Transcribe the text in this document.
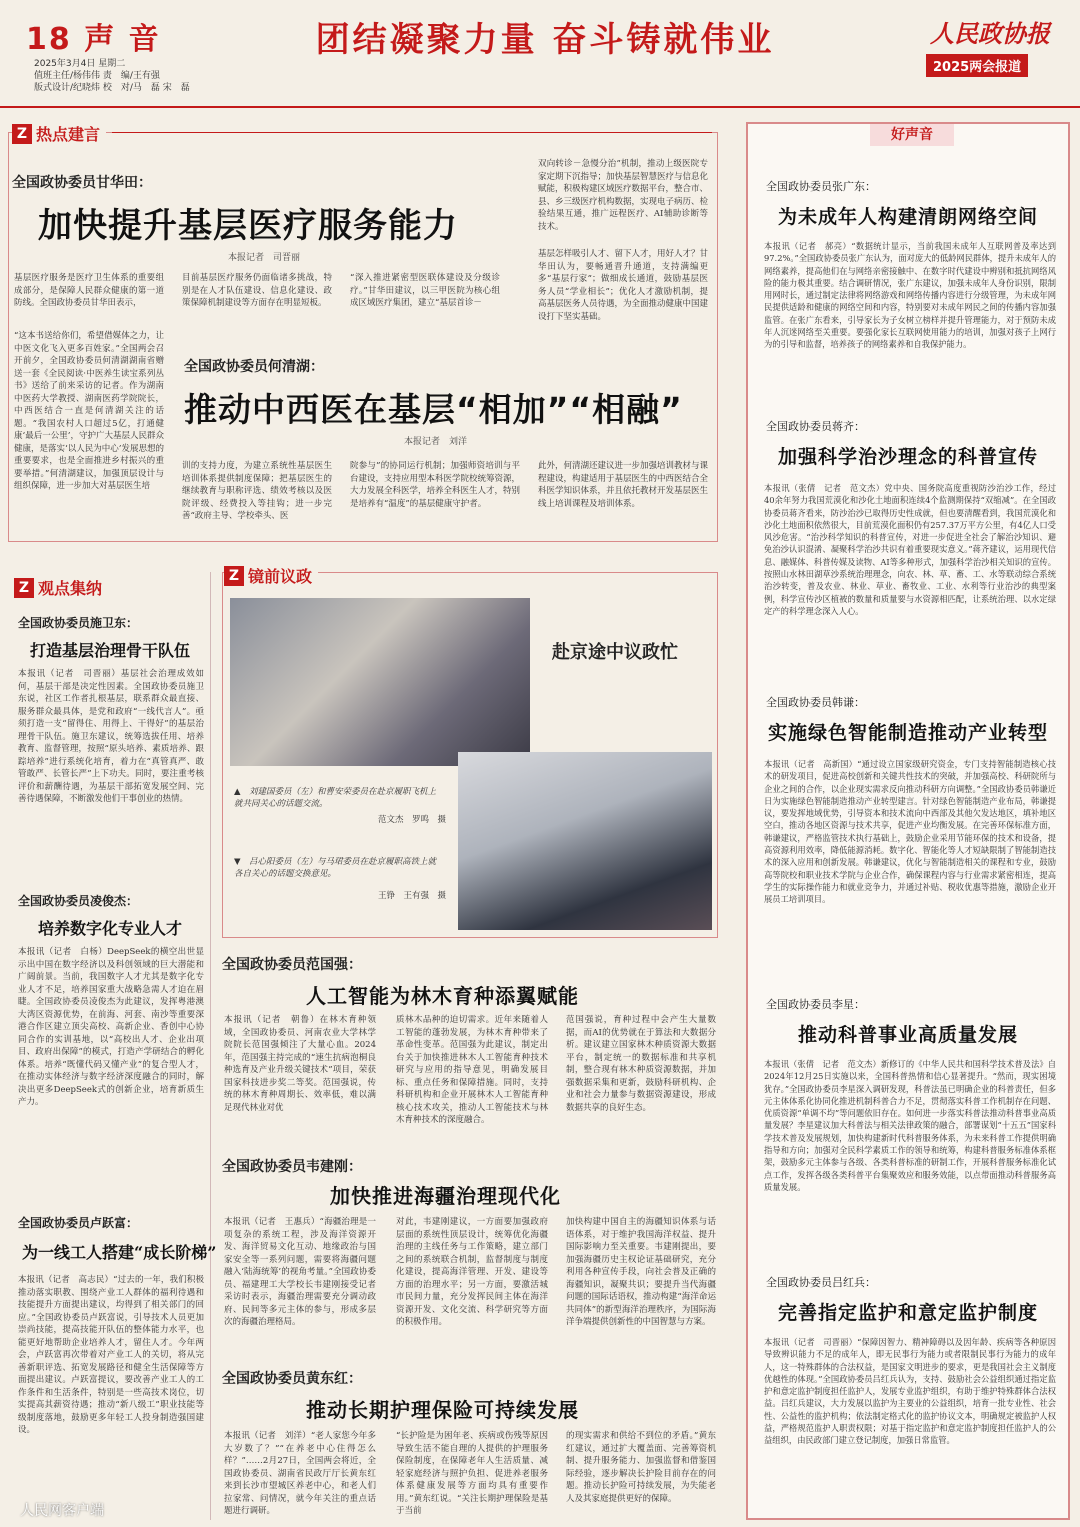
18 声 音
2025年3月4日 星期二
值班主任/杨伟伟 责　编/王有强
版式设计/纪晓炜 校　对/马　磊 宋　磊
团结凝聚力量 奋斗铸就伟业	人民政协报
2025两会报道
Z 热点建言
全国政协委员甘华田：
加快提升基层医疗服务能力
本报记者　司晋丽
基层医疗服务是医疗卫生体系的重要组成部分，是保障人民群众健康的第一道防线。全国政协委员甘华田表示，
目前基层医疗服务仍面临诸多挑战，特别是在人才队伍建设、信息化建设、政策保障机制建设等方面存在明显短板。
“深入推进紧密型医联体建设及分级诊疗。”甘华田建议，以三甲医院为核心组成区域医疗集团，建立“基层首诊－
双向转诊－急慢分治”机制，推动上级医院专家定期下沉指导；加快基层智慧医疗与信息化赋能，积极构建区域医疗数据平台，整合市、县、乡三级医疗机构数据，实现电子病历、检验结果互通，推广远程医疗、AI辅助诊断等技术。
基层怎样吸引人才、留下人才，用好人才？甘华田认为，要畅通晋升通道，支持满编更多“基层行家”；做细成长通道，鼓励基层医务人员“学业相长”；优化人才激励机制，提高基层医务人员待遇，为全面推动健康中国建设打下坚实基础。
“这本书送给你们，希望借媒体之力，让中医文化飞入更多百姓家。”全国两会召开前夕，全国政协委员何清湖湖南省赠送一套《全民阅读·中医养生读宝系列丛书》送给了前来采访的记者。作为湖南中医药大学教授、湖南医药学院院长，中西医结合一直是何清湖关注的话题。“我国农村人口超过5亿，打通健康‘最后一公里’，守护广大基层人民群众健康，是落实‘以人民为中心’发展思想的重要要求，也是全面推进乡村振兴的重要举措。”何清湖建议，加强顶层设计与组织保障，进一步加大对基层医生培
全国政协委员何清湖：
推动中西医在基层“相加”“相融”
本报记者　刘洋
训的支持力度，为建立系统性基层医生培训体系提供制度保障；把基层医生的继续教育与职称评选、绩效考核以及医院评级、经费投入等挂钩；进一步完善“政府主导、学校牵头、医
院参与”的协同运行机制；加强师资培训与平台建设，支持应用型本科医学院校统筹资源，大力发展全科医学，培养全科医生人才，特别是培养有“温度”的基层健康守护者。
此外，何清湖还建议进一步加强培训教材与课程建设，构建适用于基层医生的中西医结合全科医学知识体系，并且依托教材开发基层医生线上培训课程及培训体系。
Z 观点集纳
全国政协委员施卫东：
打造基层治理骨干队伍
本报讯（记者　司晋丽）基层社会治理成效如何，基层干部是决定性因素。全国政协委员施卫东说，社区工作者扎根基层，联系群众最直接、服务群众最具体，是党和政府“一线代言人”。亟须打造一支“留得住、用得上、干得好”的基层治理骨干队伍。施卫东建议，统筹选拔任用、培养教育、监督管理，按照“原头培养、素质培养、跟踪培养”进行系统化培育，着力在“真管真严、敢管敢严、长管长严”上下功夫。同时，要注重考核评价和薪酬待遇，为基层干部拓宽发展空间、完善待遇保障，不断激发他们干事创业的热情。
全国政协委员凌俊杰：
培养数字化专业人才
本报讯（记者　白杨）DeepSeek的横空出世显示出中国在数字经济以及科创领域的巨大潜能和广阔前景。当前，我国数字人才尤其是数字化专业人才不足，培养国家重大战略急需人才迫在眉睫。全国政协委员凌俊杰为此建议，发挥粤港澳大湾区资源优势，在前海、河套、南沙等重要深港合作区建立顶尖高校、高新企业、香创中心协同合作的实训基地，以“高校出人才、企业出项目、政府出保障”的模式，打造产学研结合的孵化体系。培养“既懂代码又懂产业”的复合型人才，在推动实体经济与数字经济深度融合的同时，解决出更多DeepSeek式的创新企业，培育新质生产力。
全国政协委员卢跃富：
为一线工人搭建“成长阶梯”
本报讯（记者　高志民）“过去的一年，我们积极推动落实职教、围绕产业工人群体的福利待遇和技能提升方面提出建议，均得到了相关部门的回应。”全国政协委员卢跃富说，引导技术人员更加崇尚技能，提高技能开队伍的整体能力水平，也能更好地帮助企业培养人才，留住人才。今年两会，卢跃富再次带着对产业工人的关切，将从完善新职评选、拓宽发展路径和健全生活保障等方面提出建议。卢跃富提议，要改善产业工人的工作条件和生活条件，特别是一些高技术岗位，切实提高其薪资待遇；推动“新八级工”职业技能等级制度落地，鼓励更多年轻工人投身制造强国建设。
Z 镜前议政
赴京途中议政忙
▲　刘建国委员（左）和曹安荣委员在赴京履职飞机上就共同关心的话题交流。
范文杰　罗鸣　摄
▼　吕心阳委员（左）与马珺委员在赴京履职高铁上就各自关心的话题交换意见。
王铮　王有强　摄
全国政协委员范国强：
人工智能为林木育种添翼赋能
本报讯（记者　朝鲁）在林木育种领域，全国政协委员、河南农业大学林学院院长范国强倾注了大量心血。2024年，范国强主持完成的“速生抗病泡桐良种选育及产业升级关键技术”项目，荣获国家科技进步奖二等奖。范国强说，传统的林木育种周期长、效率低，难以满足现代林业对优
质林木品种的迫切需求。近年来随着人工智能的蓬勃发展，为林木育种带来了革命性变革。范国强为此建议，制定出台关于加快推进林木人工智能育种技术研究与应用的指导意见，明确发展目标、重点任务和保障措施。同时，支持科研机构和企业开展林木人工智能育种核心技术攻关，推动人工智能技术与林木育种技术的深度融合。
范国强说，育种过程中会产生大量数据，而AI的优势就在于算法和大数据分析。建议建立国家林木种质资源大数据平台，制定统一的数据标准和共享机制，整合现有林木种质资源数据，并加强数据采集和更新，鼓励科研机构、企业和社会力量参与数据资源建设，形成数据共享的良好生态。
全国政协委员韦建刚：
加快推进海疆治理现代化
本报讯（记者　王惠兵）“海疆治理是一项复杂的系统工程，涉及海洋资源开发、海洋贸易文化互动、地缘政治与国家安全等一系列问题，需要将海疆问题融入‘陆海统筹’的视角考量。”全国政协委员、福建理工大学校长韦建刚接受记者采访时表示，海疆治理需要充分调动政府、民间等多元主体的参与，形成多层次的海疆治理格局。
对此，韦建刚建议，一方面要加强政府层面的系统性顶层设计，统筹优化海疆治理的主线任务与工作策略，建立部门之间的系统联合机制，监督制度与制度化建设，提高海洋管理、开发、建设等方面的治理水平；另一方面，要激活城市民间力量，充分发挥民间主体在海洋资源开发、文化交流、科学研究等方面的积极作用。
加快构建中国自主的海疆知识体系与话语体系，对于维护我国海洋权益、提升国际影响力至关重要。韦建刚提出，要加强海疆历史主权论证基础研究，充分利用各种宣传手段，向社会普及正确的海疆知识，凝聚共识；要提升当代海疆问题的国际话语权，推动构建“海洋命运共同体”的新型海洋治理秩序，为国际海洋争端提供创新性的中国智慧与方案。
全国政协委员黄东红：
推动长期护理保险可持续发展
本报讯（记者　刘洋）“老人家您今年多大岁数了？”“在养老中心住得怎么样？”……2月27日，全国两会将近，全国政协委员、湖南省民政厅厅长黄东红来到长沙市望城区养老中心，和老人们拉家常、问情况，就今年关注的重点话题进行调研。
“长护险是为困年老、疾病或伤残等原因导致生活不能自理的人提供的护理服务保险制度，在保障老年人生活质量、减轻家庭经济与照护负担、促进养老服务体系健康发展等方面均具有重要作用。”黄东红说。“关注长期护理保险是基于当前
的现实需求和供给不到位的矛盾。”黄东红建议，通过扩大覆盖面、完善筹资机制、提升服务能力、加强监督和借鉴国际经验，逐步解决长护险目前存在的问题。推动长护险可持续发展，为失能老人及其家庭提供更好的保障。
好声音
全国政协委员张广东：
为未成年人构建清朗网络空间
本报讯（记者　郝亮）“数据统计显示，当前我国未成年人互联网普及率达到97.2%。”全国政协委员张广东认为，面对庞大的低龄网民群体，提升未成年人的网络素养，提高他们在与网络亲密接触中、在数字时代建设中辨别和抵抗网络风险的能力极其重要。结合调研情况，张广东建议，加强未成年人身份识别，限制用网时长，通过制定法律将网络游戏和网络传播内容进行分级管理，为未成年网民提供适龄和健康的网络空间和内容，特别要对未成年网民之间的传播内容加强监管。在张广东看来，引导家长为子女树立榜样并提升管理能力，对于预防未成年人沉迷网络至关重要。要强化家长互联网使用能力的培训，加强对孩子上网行为的引导和监督，培养孩子的网络素养和自我保护能力。
全国政协委员蒋齐：
加强科学治沙理念的科普宣传
本报讯（张倩　记者　范文杰）党中央、国务院高度重视防沙治沙工作，经过40余年努力我国荒漠化和沙化土地面积连续4个监测期保持“双缩减”。在全国政协委员蒋齐看来，防沙治沙已取得历史性成就，但也要清醒看到，我国荒漠化和沙化土地面积依然很大，目前荒漠化面积仍有257.37万平方公里，有4亿人口受风沙危害。“治沙科学知识的科普宣传，对进一步促进全社会了解治沙知识、避免治沙认识混淆、凝聚科学治沙共识有着重要现实意义。”蒋齐建议，运用现代信息、融媒体、科普传媒及读物、AI等多种形式，加强科学治沙相关知识的宣传。按照山水林田湖草沙系统治理理念，向农、林、草、畜、工、水等联动综合系统治沙转变，普及农业、林业、草业、畜牧业、工业、水利等行业治沙的典型案例，科学宣传沙区植被的数量和质量要与水资源相匹配，让系统治理、以水定绿定产的科学理念深入人心。
全国政协委员韩谦：
实施绿色智能制造推动产业转型
本报讯（记者　高新国）“通过设立国家级研究资金，专门支持智能制造核心技术的研发项目，促进高校创新和关键共性技术的突破，并加强高校、科研院所与企业之间的合作，以企业现实需求反向推动科研方向调整。”全国政协委员韩谦近日为实施绿色智能制造推动产业转型建言。针对绿色智能制造产业布局，韩谦提议，要发挥地域优势，引导资本和技术流向中西部及其他欠发达地区，填补地区空白，推动各地区资源与技术共享，促进产业均衡发展。在完善环保标准方面，韩谦建议，严格监管技术执行基础上，鼓励企业采用节能环保的技术和设备，提高资源利用效率，降低能源消耗。数字化、智能化等人才短缺限制了智能制造技术的深入应用和创新发展。韩谦建议，优化与智能制造相关的课程和专业，鼓励高等院校和职业技术学院与企业合作，确保课程内容与行业需求紧密相连，提高学生的实际操作能力和就业竞争力，并通过补贴、税收优惠等措施，激励企业开展员工培训项目。
全国政协委员李星：
推动科普事业高质量发展
本报讯（张倩　记者　范文杰）新修订的《中华人民共和国科学技术普及法》自2024年12月25日实施以来，全国科普热情和信心显著提升。“然而，现实困境犹存。”全国政协委员李星深入调研发现，科普法虽已明确企业的科普责任，但多元主体体系化协同化推进机制科普合力不足，贯彻落实科普工作机制存在问题、优质资源“单调不均”等问题依旧存在。如何进一步落实科普法推动科普事业高质量发展？李星建议加大科普法与相关法律政策的融合，部署谋划“十五五”国家科学技术普及发展规划，加快构建新时代科普服务体系，为未来科普工作提供明确指导和方向；加强对全民科学素质工作的领导和统筹，构建科普服务标准体系框架，鼓励多元主体参与各级、各类科普标准的研制工作，开展科普服务标准化试点工作，发挥各级各类科普平台集聚效应和服务效能，以点带面推动科普服务高质量发展。
全国政协委员吕红兵：
完善指定监护和意定监护制度
本报讯（记者　司晋丽）“保障因智力、精神障碍以及因年龄、疾病等各种原因导致辨识能力不足的成年人，即无民事行为能力或者限制民事行为能力的成年人，这一特殊群体的合法权益，是国家文明进步的要求，更是我国社会主义制度优越性的体现。”全国政协委员吕红兵认为，支持、鼓励社会公益组织通过指定监护和意定监护制度担任监护人，发展专业监护组织，有助于维护特殊群体合法权益。吕红兵建议，大力发展以监护为主要业的公益组织，培育一批专业性、社会性、公益性的监护机构；依法制定格式化的监护协议文本，明确规定被监护人权益，严格规范监护人职责权限；对基于指定监护和意定监护制度担任监护人的公益组织，由民政部门建立登记制度，加强日常监管。
人民网客户端
